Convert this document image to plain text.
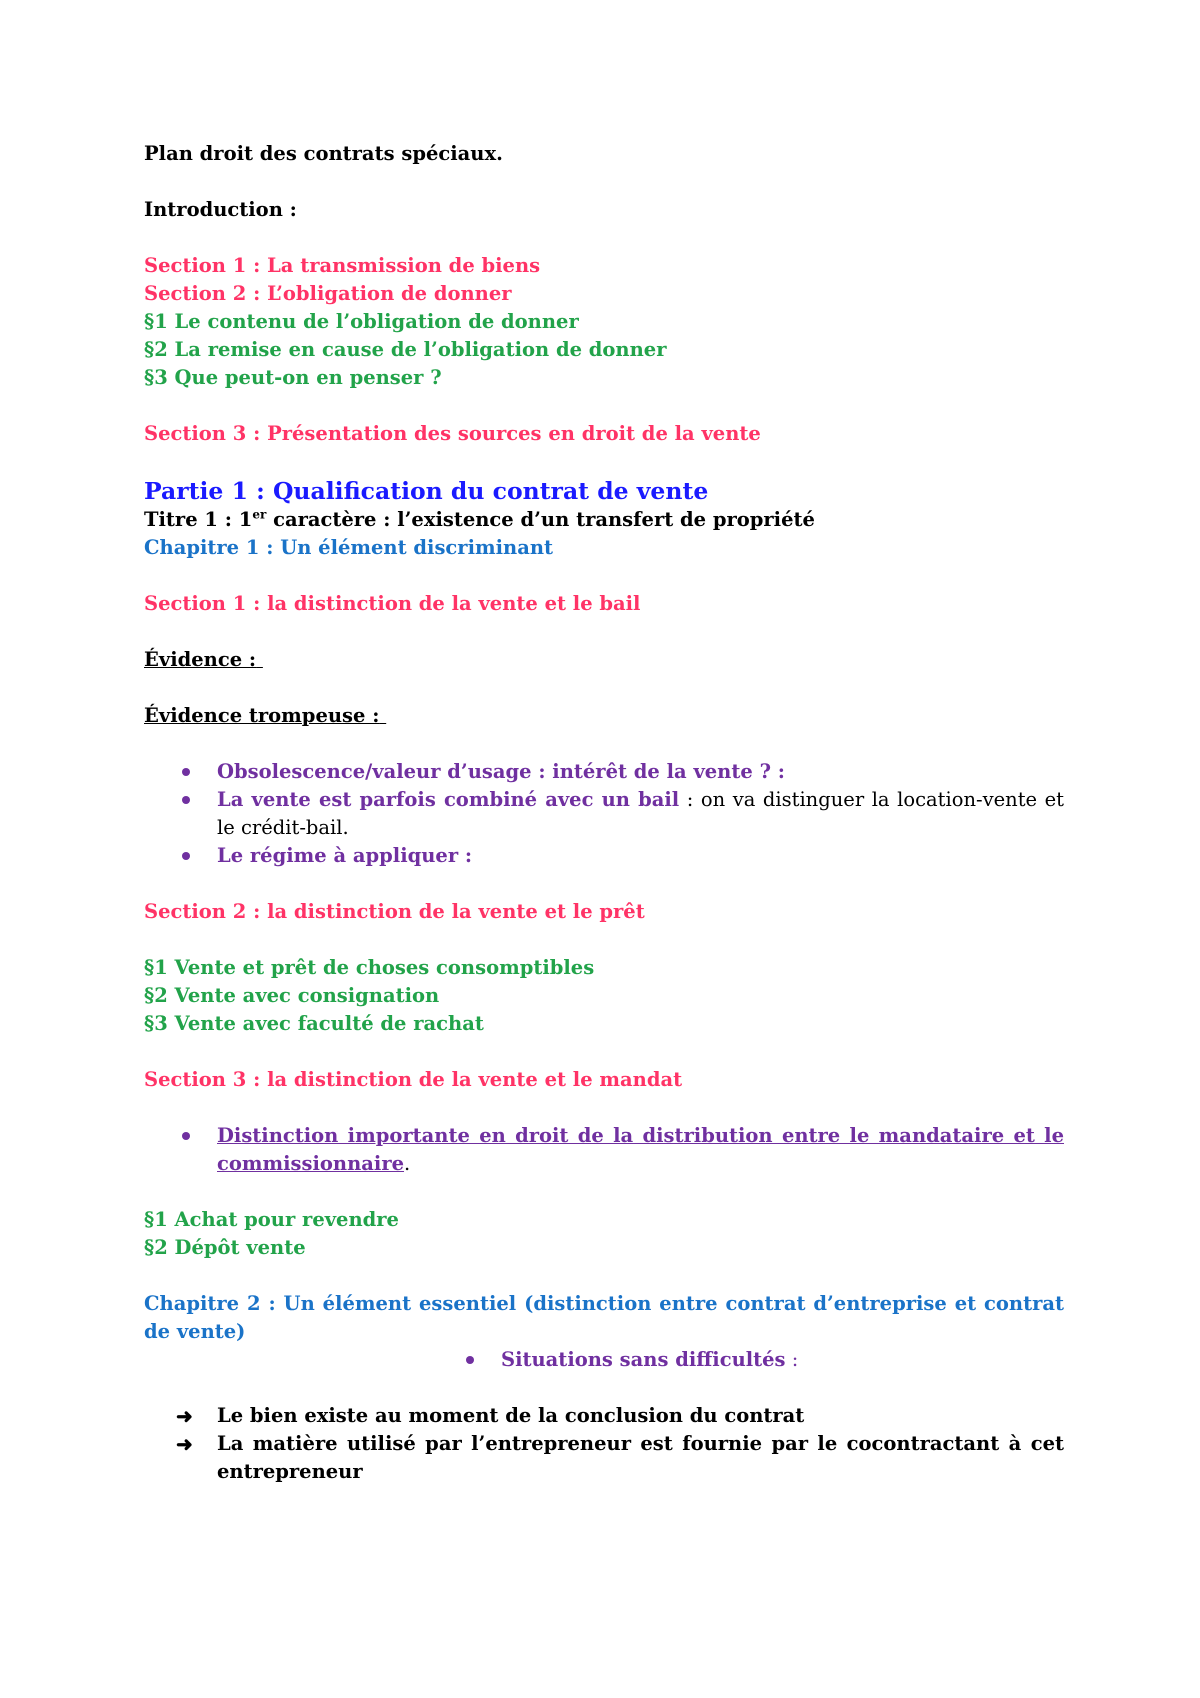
Plan droit des contrats spéciaux.
Introduction :
Section 1 : La transmission de biens
Section 2 : L’obligation de donner
§1 Le contenu de l’obligation de donner
§2 La remise en cause de l’obligation de donner
§3 Que peut-on en penser ?
Section 3 : Présentation des sources en droit de la vente
Partie 1 : Qualification du contrat de vente
Titre 1 : 1er caractère : l’existence d’un transfert de propriété
Chapitre 1 : Un élément discriminant
Section 1 : la distinction de la vente et le bail
Évidence :
Évidence trompeuse :
Obsolescence/valeur d’usage : intérêt de la vente ? :
La vente est parfois combiné avec un bail : on va distinguer la location-vente et le crédit-bail.
Le régime à appliquer :
Section 2 : la distinction de la vente et le prêt
§1 Vente et prêt de choses consomptibles
§2 Vente avec consignation
§3 Vente avec faculté de rachat
Section 3 : la distinction de la vente et le mandat
Distinction importante en droit de la distribution entre le mandataire et le commissionnaire.
§1 Achat pour revendre
§2 Dépôt vente
Chapitre 2 : Un élément essentiel (distinction entre contrat d’entreprise et contrat de vente)
Situations sans difficultés :
➜ Le bien existe au moment de la conclusion du contrat
➜ La matière utilisé par l’entrepreneur est fournie par le cocontractant à cet entrepreneur
